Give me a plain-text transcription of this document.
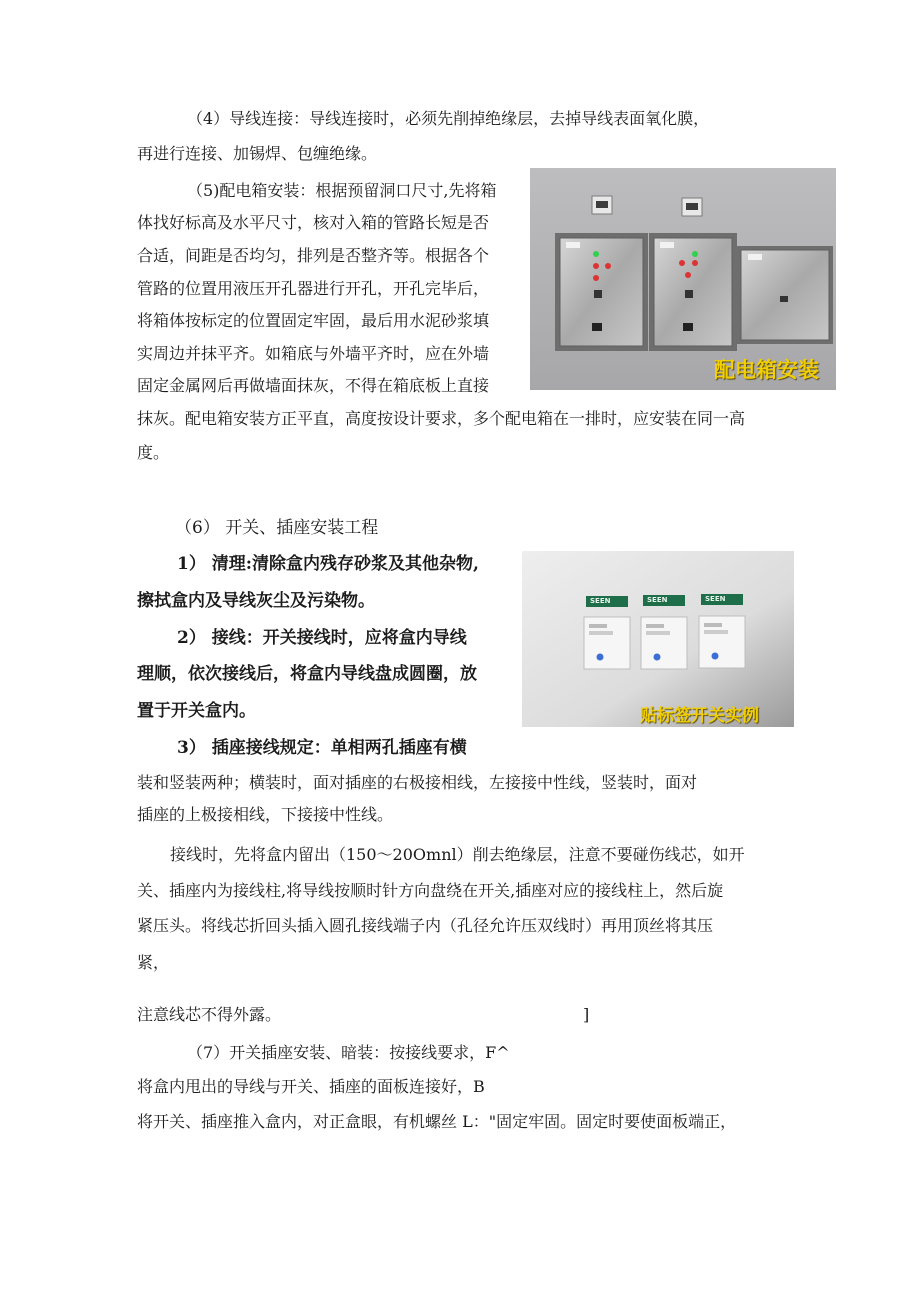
（4）导线连接：导线连接时，必须先削掉绝缘层，去掉导线表面氧化膜，
再进行连接、加锡焊、包缠绝缘。
（5)配电箱安装：根据预留洞口尺寸,先将箱
体找好标高及水平尺寸，核对入箱的管路长短是否
合适，间距是否均匀，排列是否整齐等。根据各个
管路的位置用液压开孔器进行开孔，开孔完毕后，
将箱体按标定的位置固定牢固，最后用水泥砂浆填
实周边并抹平齐。如箱底与外墙平齐时，应在外墙
固定金属网后再做墙面抹灰，不得在箱底板上直接
抹灰。配电箱安装方正平直，高度按设计要求，多个配电箱在一排时，应安装在同一高
度。
配电箱安装
（6） 开关、插座安装工程
1） 清理:清除盒内残存砂浆及其他杂物,
擦拭盒内及导线灰尘及污染物。
2） 接线：开关接线时，应将盒内导线
理顺，依次接线后，将盒内导线盘成圆圈，放
置于开关盒内。
3） 插座接线规定：单相两孔插座有横
SEEN	SEEN	SEEN
贴标签开关实例
装和竖装两种；横装时，面对插座的右极接相线，左接接中性线，竖装时，面对
插座的上极接相线，下接接中性线。
接线时，先将盒内留出（150～20Omnl）削去绝缘层，注意不要碰伤线芯，如开
关、插座内为接线柱,将导线按顺时针方向盘绕在开关,插座对应的接线柱上，然后旋
紧压头。将线芯折回头插入圆孔接线端子内（孔径允许压双线时）再用顶丝将其压
紧，
注意线芯不得外露。	]
（7）开关插座安装、暗装：按接线要求，F^
将盒内甩出的导线与开关、插座的面板连接好，B
将开关、插座推入盒内，对正盒眼，有机螺丝 L："固定牢固。固定时要使面板端正，
